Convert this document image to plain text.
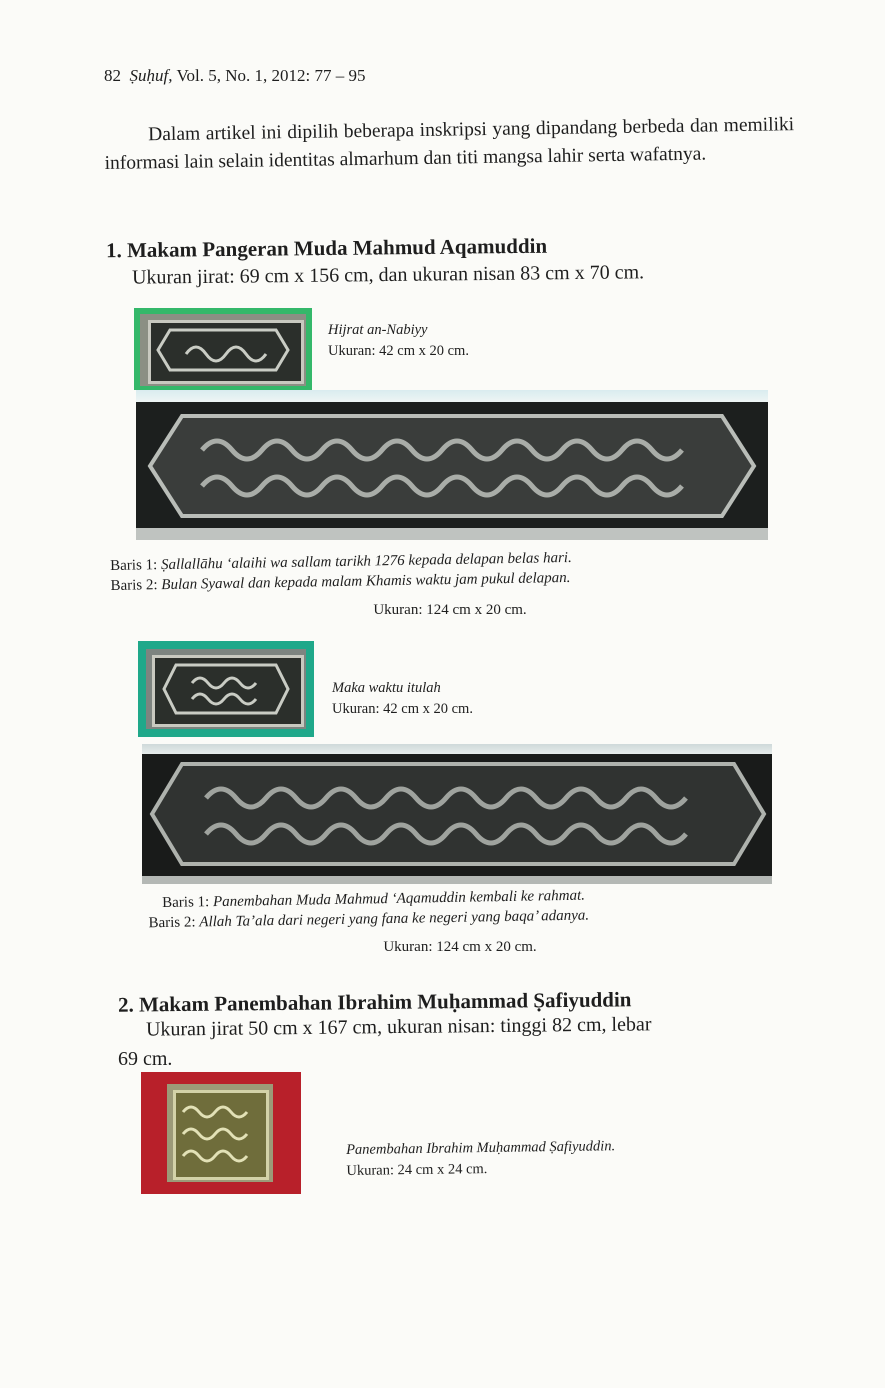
82 Ṣuḥuf, Vol. 5, No. 1, 2012: 77 – 95
Dalam artikel ini dipilih beberapa inskripsi yang dipandang berbeda dan memiliki informasi lain selain identitas almarhum dan titi mangsa lahir serta wafatnya.
1. Makam Pangeran Muda Mahmud Aqamuddin
Ukuran jirat: 69 cm x 156 cm, dan ukuran nisan 83 cm x 70 cm.
Hijrat an-Nabiyy
Ukuran: 42 cm x 20 cm.
Baris 1: Ṣallallāhu ‘alaihi wa sallam tarikh 1276 kepada delapan belas hari.
Baris 2: Bulan Syawal dan kepada malam Khamis waktu jam pukul delapan.
Ukuran: 124 cm x 20 cm.
Maka waktu itulah
Ukuran: 42 cm x 20 cm.
Baris 1: Panembahan Muda Mahmud ‘Aqamuddin kembali ke rahmat.
Baris 2: Allah Ta’ala dari negeri yang fana ke negeri yang baqa’ adanya.
Ukuran: 124 cm x 20 cm.
2. Makam Panembahan Ibrahim Muḥammad Ṣafiyuddin
Ukuran jirat 50 cm x 167 cm, ukuran nisan: tinggi 82 cm, lebar
69 cm.
Panembahan Ibrahim Muḥammad Ṣafiyuddin.
Ukuran: 24 cm x 24 cm.
